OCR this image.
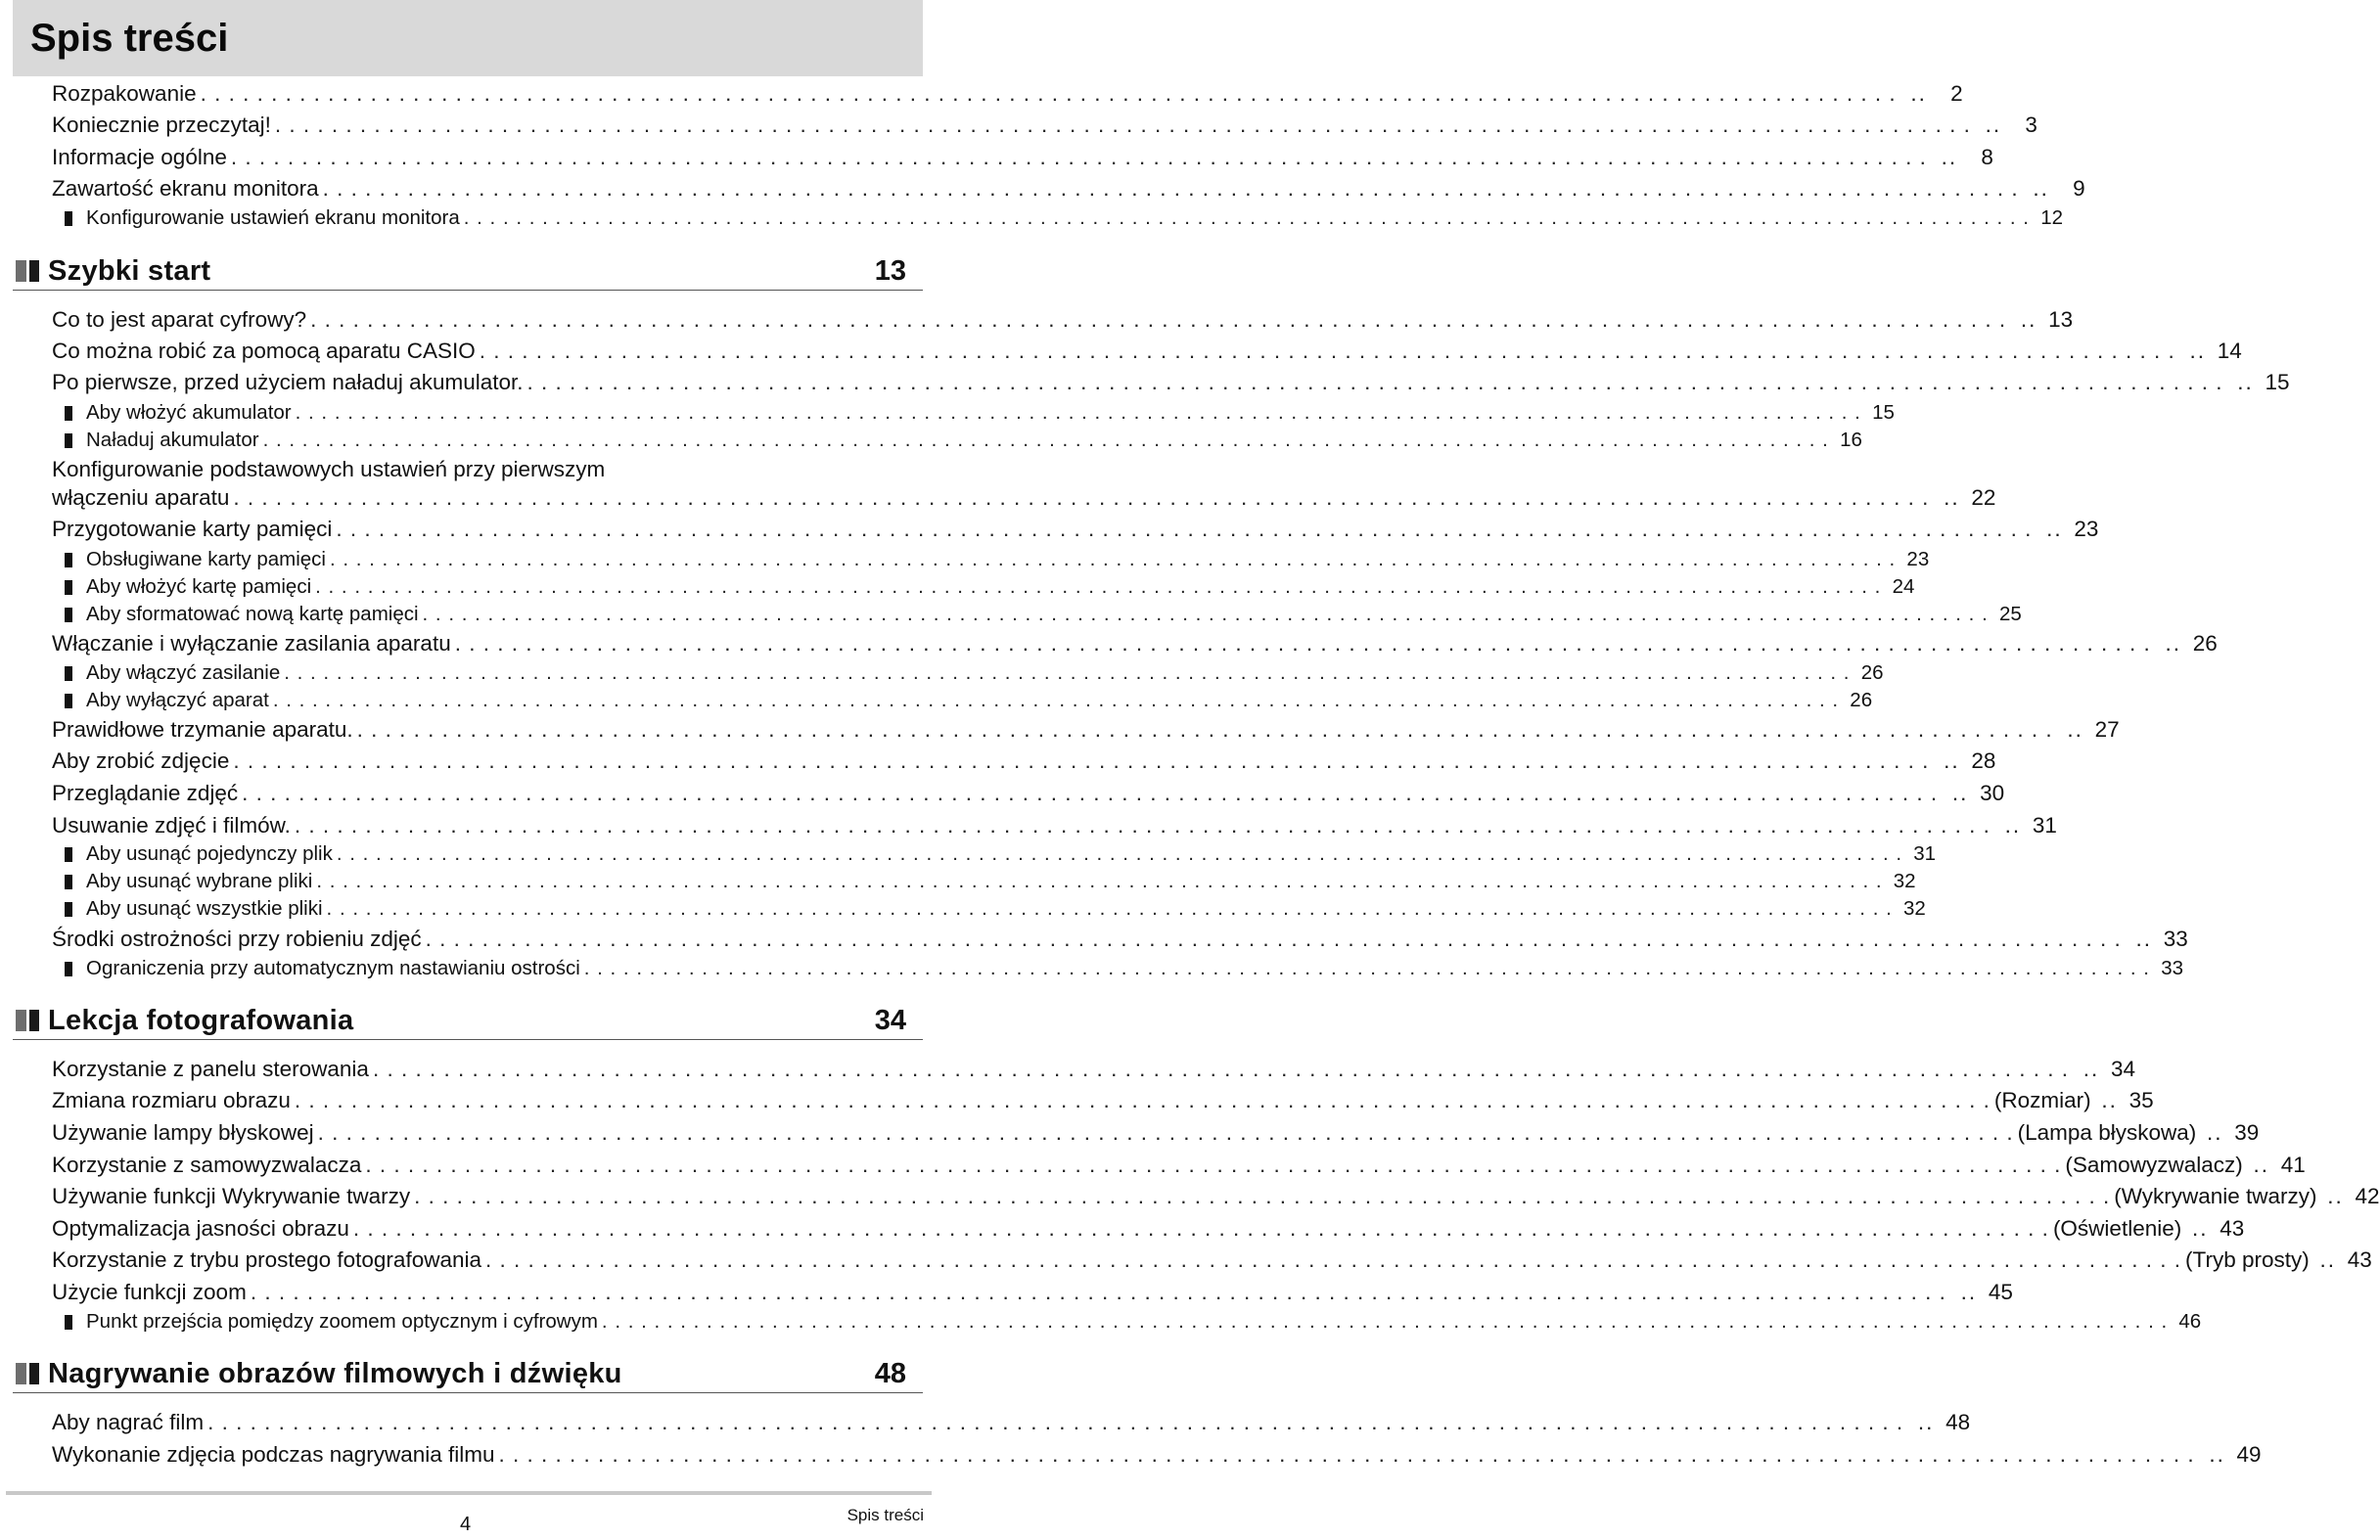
Spis treści
Rozpakowanie . . . . . . . . . . . . . . . . . . . . . . . . . . . . . . . . . . . . . . . . . . . . . . . . . . . . . . . . . . . . . . . . . . . . . . . . . . . . . . . . . . . . . . . . . . . . . . . . . . . . . . . . . . . . . . . . . . . . . . . . ..	2
Koniecznie przeczytaj! . . . . . . . . . . . . . . . . . . . . . . . . . . . . . . . . . . . . . . . . . . . . . . . . . . . . . . . . . . . . . . . . . . . . . . . . . . . . . . . . . . . . . . . . . . . . . . . . . . . . . . . . . . . . . . . . . . . . . . . . ..	3
Informacje ogólne . . . . . . . . . . . . . . . . . . . . . . . . . . . . . . . . . . . . . . . . . . . . . . . . . . . . . . . . . . . . . . . . . . . . . . . . . . . . . . . . . . . . . . . . . . . . . . . . . . . . . . . . . . . . . . . . . . . . . . . . ..	8
Zawartość ekranu monitora . . . . . . . . . . . . . . . . . . . . . . . . . . . . . . . . . . . . . . . . . . . . . . . . . . . . . . . . . . . . . . . . . . . . . . . . . . . . . . . . . . . . . . . . . . . . . . . . . . . . . . . . . . . . . . . . . . . . . . . . ..	9
Konfigurowanie ustawień ekranu monitora . . . . . . . . . . . . . . . . . . . . . . . . . . . . . . . . . . . . . . . . . . . . . . . . . . . . . . . . . . . . . . . . . . . . . . . . . . . . . . . . . . . . . . . . . . . . . . . . . . . . . . . . . . . . . . . . . . . . . . . . 12
Szybki start	13
Co to jest aparat cyfrowy? . . . . . . . . . . . . . . . . . . . . . . . . . . . . . . . . . . . . . . . . . . . . . . . . . . . . . . . . . . . . . . . . . . . . . . . . . . . . . . . . . . . . . . . . . . . . . . . . . . . . . . . . . . . . . . . . . . . . . . . . .. 13
Co można robić za pomocą aparatu CASIO . . . . . . . . . . . . . . . . . . . . . . . . . . . . . . . . . . . . . . . . . . . . . . . . . . . . . . . . . . . . . . . . . . . . . . . . . . . . . . . . . . . . . . . . . . . . . . . . . . . . . . . . . . . . . . . . . . . . . . . . .. 14
Po pierwsze, przed użyciem naładuj akumulator. . . . . . . . . . . . . . . . . . . . . . . . . . . . . . . . . . . . . . . . . . . . . . . . . . . . . . . . . . . . . . . . . . . . . . . . . . . . . . . . . . . . . . . . . . . . . . . . . . . . . . . . . . . . . . . . . . . . . . . . . .. 15
Aby włożyć akumulator . . . . . . . . . . . . . . . . . . . . . . . . . . . . . . . . . . . . . . . . . . . . . . . . . . . . . . . . . . . . . . . . . . . . . . . . . . . . . . . . . . . . . . . . . . . . . . . . . . . . . . . . . . . . . . . . . . . . . . . . 15
Naładuj akumulator . . . . . . . . . . . . . . . . . . . . . . . . . . . . . . . . . . . . . . . . . . . . . . . . . . . . . . . . . . . . . . . . . . . . . . . . . . . . . . . . . . . . . . . . . . . . . . . . . . . . . . . . . . . . . . . . . . . . . . . . 16
Konfigurowanie podstawowych ustawień przy pierwszym
włączeniu aparatu . . . . . . . . . . . . . . . . . . . . . . . . . . . . . . . . . . . . . . . . . . . . . . . . . . . . . . . . . . . . . . . . . . . . . . . . . . . . . . . . . . . . . . . . . . . . . . . . . . . . . . . . . . . . . . . . . . . . . . . . .. 22
Przygotowanie karty pamięci . . . . . . . . . . . . . . . . . . . . . . . . . . . . . . . . . . . . . . . . . . . . . . . . . . . . . . . . . . . . . . . . . . . . . . . . . . . . . . . . . . . . . . . . . . . . . . . . . . . . . . . . . . . . . . . . . . . . . . . . .. 23
Obsługiwane karty pamięci . . . . . . . . . . . . . . . . . . . . . . . . . . . . . . . . . . . . . . . . . . . . . . . . . . . . . . . . . . . . . . . . . . . . . . . . . . . . . . . . . . . . . . . . . . . . . . . . . . . . . . . . . . . . . . . . . . . . . . . . 23
Aby włożyć kartę pamięci . . . . . . . . . . . . . . . . . . . . . . . . . . . . . . . . . . . . . . . . . . . . . . . . . . . . . . . . . . . . . . . . . . . . . . . . . . . . . . . . . . . . . . . . . . . . . . . . . . . . . . . . . . . . . . . . . . . . . . . . 24
Aby sformatować nową kartę pamięci . . . . . . . . . . . . . . . . . . . . . . . . . . . . . . . . . . . . . . . . . . . . . . . . . . . . . . . . . . . . . . . . . . . . . . . . . . . . . . . . . . . . . . . . . . . . . . . . . . . . . . . . . . . . . . . . . . . . . . . . 25
Włączanie i wyłączanie zasilania aparatu . . . . . . . . . . . . . . . . . . . . . . . . . . . . . . . . . . . . . . . . . . . . . . . . . . . . . . . . . . . . . . . . . . . . . . . . . . . . . . . . . . . . . . . . . . . . . . . . . . . . . . . . . . . . . . . . . . . . . . . . .. 26
Aby włączyć zasilanie . . . . . . . . . . . . . . . . . . . . . . . . . . . . . . . . . . . . . . . . . . . . . . . . . . . . . . . . . . . . . . . . . . . . . . . . . . . . . . . . . . . . . . . . . . . . . . . . . . . . . . . . . . . . . . . . . . . . . . . . 26
Aby wyłączyć aparat . . . . . . . . . . . . . . . . . . . . . . . . . . . . . . . . . . . . . . . . . . . . . . . . . . . . . . . . . . . . . . . . . . . . . . . . . . . . . . . . . . . . . . . . . . . . . . . . . . . . . . . . . . . . . . . . . . . . . . . . 26
Prawidłowe trzymanie aparatu. . . . . . . . . . . . . . . . . . . . . . . . . . . . . . . . . . . . . . . . . . . . . . . . . . . . . . . . . . . . . . . . . . . . . . . . . . . . . . . . . . . . . . . . . . . . . . . . . . . . . . . . . . . . . . . . . . . . . . . . . .. 27
Aby zrobić zdjęcie . . . . . . . . . . . . . . . . . . . . . . . . . . . . . . . . . . . . . . . . . . . . . . . . . . . . . . . . . . . . . . . . . . . . . . . . . . . . . . . . . . . . . . . . . . . . . . . . . . . . . . . . . . . . . . . . . . . . . . . . .. 28
Przeglądanie zdjęć . . . . . . . . . . . . . . . . . . . . . . . . . . . . . . . . . . . . . . . . . . . . . . . . . . . . . . . . . . . . . . . . . . . . . . . . . . . . . . . . . . . . . . . . . . . . . . . . . . . . . . . . . . . . . . . . . . . . . . . . .. 30
Usuwanie zdjęć i filmów. . . . . . . . . . . . . . . . . . . . . . . . . . . . . . . . . . . . . . . . . . . . . . . . . . . . . . . . . . . . . . . . . . . . . . . . . . . . . . . . . . . . . . . . . . . . . . . . . . . . . . . . . . . . . . . . . . . . . . . . . .. 31
Aby usunąć pojedynczy plik . . . . . . . . . . . . . . . . . . . . . . . . . . . . . . . . . . . . . . . . . . . . . . . . . . . . . . . . . . . . . . . . . . . . . . . . . . . . . . . . . . . . . . . . . . . . . . . . . . . . . . . . . . . . . . . . . . . . . . . . 31
Aby usunąć wybrane pliki . . . . . . . . . . . . . . . . . . . . . . . . . . . . . . . . . . . . . . . . . . . . . . . . . . . . . . . . . . . . . . . . . . . . . . . . . . . . . . . . . . . . . . . . . . . . . . . . . . . . . . . . . . . . . . . . . . . . . . . . 32
Aby usunąć wszystkie pliki . . . . . . . . . . . . . . . . . . . . . . . . . . . . . . . . . . . . . . . . . . . . . . . . . . . . . . . . . . . . . . . . . . . . . . . . . . . . . . . . . . . . . . . . . . . . . . . . . . . . . . . . . . . . . . . . . . . . . . . . 32
Środki ostrożności przy robieniu zdjęć . . . . . . . . . . . . . . . . . . . . . . . . . . . . . . . . . . . . . . . . . . . . . . . . . . . . . . . . . . . . . . . . . . . . . . . . . . . . . . . . . . . . . . . . . . . . . . . . . . . . . . . . . . . . . . . . . . . . . . . . .. 33
Ograniczenia przy automatycznym nastawianiu ostrości . . . . . . . . . . . . . . . . . . . . . . . . . . . . . . . . . . . . . . . . . . . . . . . . . . . . . . . . . . . . . . . . . . . . . . . . . . . . . . . . . . . . . . . . . . . . . . . . . . . . . . . . . . . . . . . . . . . . . . . . 33
Lekcja fotografowania	34
Korzystanie z panelu sterowania . . . . . . . . . . . . . . . . . . . . . . . . . . . . . . . . . . . . . . . . . . . . . . . . . . . . . . . . . . . . . . . . . . . . . . . . . . . . . . . . . . . . . . . . . . . . . . . . . . . . . . . . . . . . . . . . . . . . . . . . .. 34
Zmiana rozmiaru obrazu . . . . . . . . . . . . . . . . . . . . . . . . . . . . . . . . . . . . . . . . . . . . . . . . . . . . . . . . . . . . . . . . . . . . . . . . . . . . . . . . . . . . . . . . . . . . . . . . . . . . . . . . . . . . . . . . . . . . . . . . (Rozmiar) .. 35
Używanie lampy błyskowej . . . . . . . . . . . . . . . . . . . . . . . . . . . . . . . . . . . . . . . . . . . . . . . . . . . . . . . . . . . . . . . . . . . . . . . . . . . . . . . . . . . . . . . . . . . . . . . . . . . . . . . . . . . . . . . . . . . . . . . . (Lampa błyskowa) .. 39
Korzystanie z samowyzwalacza . . . . . . . . . . . . . . . . . . . . . . . . . . . . . . . . . . . . . . . . . . . . . . . . . . . . . . . . . . . . . . . . . . . . . . . . . . . . . . . . . . . . . . . . . . . . . . . . . . . . . . . . . . . . . . . . . . . . . . . . (Samowyzwalacz) .. 41
Używanie funkcji Wykrywanie twarzy . . . . . . . . . . . . . . . . . . . . . . . . . . . . . . . . . . . . . . . . . . . . . . . . . . . . . . . . . . . . . . . . . . . . . . . . . . . . . . . . . . . . . . . . . . . . . . . . . . . . . . . . . . . . . . . . . . . . . . . . (Wykrywanie twarzy) .. 42
Optymalizacja jasności obrazu . . . . . . . . . . . . . . . . . . . . . . . . . . . . . . . . . . . . . . . . . . . . . . . . . . . . . . . . . . . . . . . . . . . . . . . . . . . . . . . . . . . . . . . . . . . . . . . . . . . . . . . . . . . . . . . . . . . . . . . . (Oświetlenie) .. 43
Korzystanie z trybu prostego fotografowania . . . . . . . . . . . . . . . . . . . . . . . . . . . . . . . . . . . . . . . . . . . . . . . . . . . . . . . . . . . . . . . . . . . . . . . . . . . . . . . . . . . . . . . . . . . . . . . . . . . . . . . . . . . . . . . . . . . . . . . . (Tryb prosty) .. 43
Użycie funkcji zoom . . . . . . . . . . . . . . . . . . . . . . . . . . . . . . . . . . . . . . . . . . . . . . . . . . . . . . . . . . . . . . . . . . . . . . . . . . . . . . . . . . . . . . . . . . . . . . . . . . . . . . . . . . . . . . . . . . . . . . . . .. 45
Punkt przejścia pomiędzy zoomem optycznym i cyfrowym . . . . . . . . . . . . . . . . . . . . . . . . . . . . . . . . . . . . . . . . . . . . . . . . . . . . . . . . . . . . . . . . . . . . . . . . . . . . . . . . . . . . . . . . . . . . . . . . . . . . . . . . . . . . . . . . . . . . . . . . 46
Nagrywanie obrazów filmowych i dźwięku	48
Aby nagrać film . . . . . . . . . . . . . . . . . . . . . . . . . . . . . . . . . . . . . . . . . . . . . . . . . . . . . . . . . . . . . . . . . . . . . . . . . . . . . . . . . . . . . . . . . . . . . . . . . . . . . . . . . . . . . . . . . . . . . . . . .. 48
Wykonanie zdjęcia podczas nagrywania filmu . . . . . . . . . . . . . . . . . . . . . . . . . . . . . . . . . . . . . . . . . . . . . . . . . . . . . . . . . . . . . . . . . . . . . . . . . . . . . . . . . . . . . . . . . . . . . . . . . . . . . . . . . . . . . . . . . . . . . . . . .. 49
4	Spis treści
